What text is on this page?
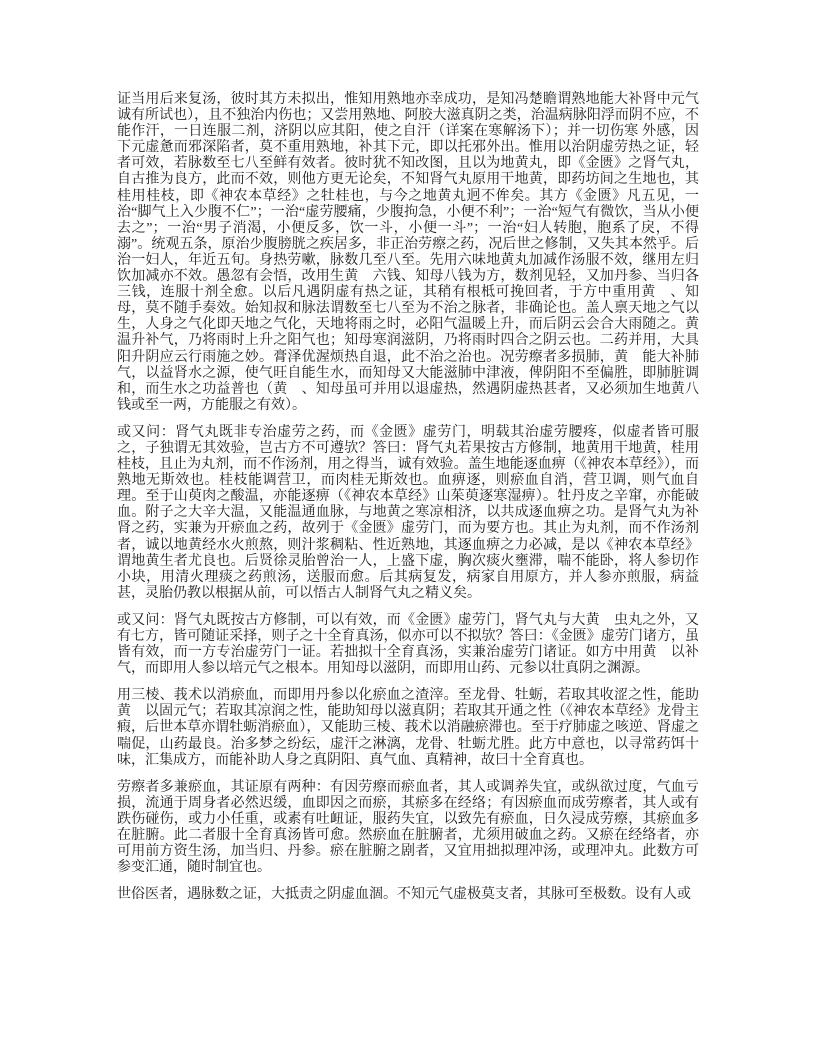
证当用后来复汤，彼时其方未拟出，惟知用熟地亦幸成功，是知冯楚瞻谓熟地能大补肾中元气诚有所试也），且不独治内伤也；又尝用熟地、阿胶大滋真阴之类，治温病脉阳浮而阴不应，不能作汗，一日连服二剂，济阴以应其阳，使之自汗（详案在寒解汤下）；并一切伤寒 外感，因下元虚惫而邪深陷者，莫不重用熟地，补其下元，即以托邪外出。惟用以治阴虚劳热之证，轻者可效，若脉数至七八至鲜有效者。彼时犹不知改图，且以为地黄丸，即《金匮》之肾气丸，自古推为良方，此而不效，则他方更无论矣，不知肾气丸原用干地黄，即药坊间之生地也，其桂用桂枝，即《神农本草经》之牡桂也，与今之地黄丸迥不侔矣。其方《金匮》凡五见，一治“脚气上入少腹不仁”；一治“虚劳腰痛，少腹拘急，小便不利”；一治“短气有微饮，当从小便去之”；一治“男子消渴，小便反多，饮一斗，小便一斗”；一治“妇人转胞，胞系了戾，不得溺”。统观五条，原治少腹膀胱之疾居多，非正治劳瘵之药，况后世之修制，又失其本然乎。后治一妇人，年近五旬。身热劳嗽，脉数几至八至。先用六味地黄丸加减作汤服不效，继用左归饮加减亦不效。愚忽有会悟，改用生黄　六钱、知母八钱为方，数剂见轻，又加丹参、当归各三钱，连服十剂全愈。以后凡遇阴虚有热之证，其稍有根柢可挽回者，于方中重用黄　、知母，莫不随手奏效。始知叔和脉法谓数至七八至为不治之脉者，非确论也。盖人禀天地之气以生，人身之气化即天地之气化，天地将雨之时，必阳气温暖上升，而后阴云会合大雨随之。黄　温升补气，乃将雨时上升之阳气也；知母寒润滋阴，乃将雨时四合之阴云也。二药并用，大具阳升阴应云行雨施之妙。膏泽优渥烦热自退，此不治之治也。况劳瘵者多损肺，黄　能大补肺气，以益肾水之源，使气旺自能生水，而知母又大能滋肺中津液，俾阴阳不至偏胜，即肺脏调和，而生水之功益普也（黄　、知母虽可并用以退虚热，然遇阴虚热甚者，又必须加生地黄八钱或至一两，方能服之有效）。

或又问：肾气丸既非专治虚劳之药，而《金匮》虚劳门，明载其治虚劳腰疼，似虚者皆可服之，子独谓无其效验，岂古方不可遵欤？答曰：肾气丸若果按古方修制，地黄用干地黄，桂用桂枝，且止为丸剂，而不作汤剂，用之得当，诚有效验。盖生地能逐血痹（《神农本草经》），而熟地无斯效也。桂枝能调营卫，而肉桂无斯效也。血痹逐，则瘀血自消，营卫调，则气血自理。至于山萸肉之酸温，亦能逐痹（《神农本草经》山茱萸逐寒湿痹）。牡丹皮之辛窜，亦能破血。附子之大辛大温，又能温通血脉，与地黄之寒凉相济，以共成逐血痹之功。是肾气丸为补肾之药，实兼为开瘀血之药，故列于《金匮》虚劳门，而为要方也。其止为丸剂，而不作汤剂者，诚以地黄经水火煎熬，则汁浆稠粘、性近熟地，其逐血痹之力必减，是以《神农本草经》谓地黄生者尤良也。后贤徐灵胎曾治一人，上盛下虚，胸次痰火壅滞，喘不能卧，将人参切作小块，用清火理痰之药煎汤，送服而愈。后其病复发，病家自用原方，并人参亦煎服，病益甚，灵胎仍教以根据从前，可以悟古人制肾气丸之精义矣。

或又问：肾气丸既按古方修制，可以有效，而《金匮》虚劳门，肾气丸与大黄　虫丸之外，又有七方，皆可随证采择，则子之十全育真汤，似亦可以不拟欤？答曰：《金匮》虚劳门诸方，虽皆有效，而一方专治虚劳门一证。若拙拟十全育真汤，实兼治虚劳门诸证。如方中用黄　以补气，而即用人参以培元气之根本。用知母以滋阴，而即用山药、元参以壮真阴之渊源。

用三棱、莪术以消瘀血，而即用丹参以化瘀血之渣滓。至龙骨、牡蛎，若取其收涩之性，能助黄　以固元气；若取其凉润之性，能助知母以滋真阴；若取其开通之性（《神农本草经》龙骨主　瘕，后世本草亦谓牡蛎消瘀血），又能助三棱、莪术以消融瘀滞也。至于疗肺虚之咳逆、肾虚之喘促，山药最良。治多梦之纷纭，虚汗之淋漓，龙骨、牡蛎尤胜。此方中意也，以寻常药饵十味，汇集成方，而能补助人身之真阴阳、真气血、真精神，故曰十全育真也。

劳瘵者多兼瘀血，其证原有两种：有因劳瘵而瘀血者，其人或调养失宜，或纵欲过度，气血亏损，流通于周身者必然迟缓，血即因之而瘀，其瘀多在经络；有因瘀血而成劳瘵者，其人或有跌伤碰伤，或力小任重，或素有吐衄证，服药失宜，以致先有瘀血，日久浸成劳瘵，其瘀血多在脏腑。此二者服十全育真汤皆可愈。然瘀血在脏腑者，尤须用破血之药。又瘀在经络者，亦可用前方资生汤，加当归、丹参。瘀在脏腑之剧者，又宜用拙拟理冲汤，或理冲丸。此数方可参变汇通，随时制宜也。

世俗医者，遇脉数之证，大抵责之阴虚血涸。不知元气虚极莫支者，其脉可至极数。设有人或
